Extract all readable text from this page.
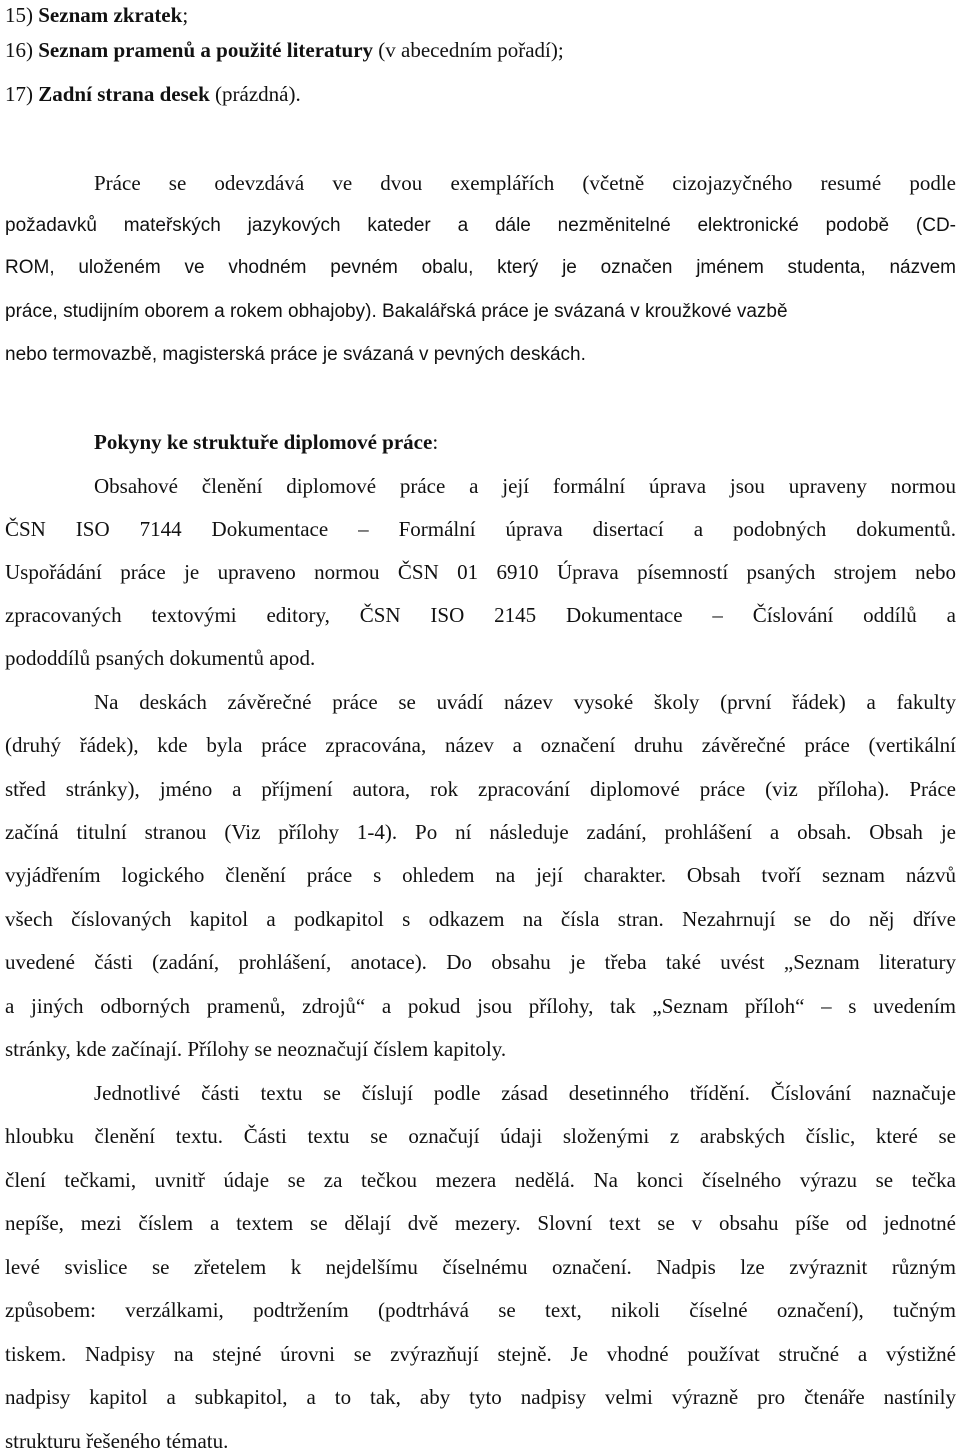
15) Seznam zkratek;
16) Seznam pramenů a použité literatury (v abecedním pořadí);
17) Zadní strana desek (prázdná).
Práce se odevzdává ve dvou exemplářích (včetně cizojazyčného resumé podle
požadavků mateřských jazykových kateder a dále nezměnitelné elektronické podobě (CD-
ROM, uloženém ve vhodném pevném obalu, který je označen jménem studenta, názvem
práce, studijním oborem a rokem obhajoby). Bakalářská práce je svázaná v kroužkové vazbě
nebo termovazbě, magisterská práce je svázaná v pevných deskách.
Pokyny ke struktuře diplomové práce:
Obsahové členění diplomové práce a její formální úprava jsou upraveny normou
ČSN ISO 7144 Dokumentace – Formální úprava disertací a podobných dokumentů.
Uspořádání práce je upraveno normou ČSN 01 6910 Úprava písemností psaných strojem nebo
zpracovaných textovými editory, ČSN ISO 2145 Dokumentace – Číslování oddílů a
pododdílů psaných dokumentů apod.
Na deskách závěrečné práce se uvádí název vysoké školy (první řádek) a fakulty
(druhý řádek), kde byla práce zpracována, název a označení druhu závěrečné práce (vertikální
střed stránky), jméno a příjmení autora, rok zpracování diplomové práce (viz příloha). Práce
začíná titulní stranou (Viz přílohy 1-4). Po ní následuje zadání, prohlášení a obsah. Obsah je
vyjádřením logického členění práce s ohledem na její charakter. Obsah tvoří seznam názvů
všech číslovaných kapitol a podkapitol s odkazem na čísla stran. Nezahrnují se do něj dříve
uvedené části (zadání, prohlášení, anotace). Do obsahu je třeba také uvést „Seznam literatury
a jiných odborných pramenů, zdrojů“ a pokud jsou přílohy, tak „Seznam příloh“ – s uvedením
stránky, kde začínají. Přílohy se neoznačují číslem kapitoly.
Jednotlivé části textu se číslují podle zásad desetinného třídění. Číslování naznačuje
hloubku členění textu. Části textu se označují údaji složenými z arabských číslic, které se
člení tečkami, uvnitř údaje se za tečkou mezera nedělá. Na konci číselného výrazu se tečka
nepíše, mezi číslem a textem se dělají dvě mezery. Slovní text se v obsahu píše od jednotné
levé svislice se zřetelem k nejdelšímu číselnému označení. Nadpis lze zvýraznit různým
způsobem: verzálkami, podtržením (podtrhává se text, nikoli číselné označení), tučným
tiskem. Nadpisy na stejné úrovni se zvýrazňují stejně. Je vhodné používat stručné a výstižné
nadpisy kapitol a subkapitol, a to tak, aby tyto nadpisy velmi výrazně pro čtenáře nastínily
strukturu řešeného tématu.
